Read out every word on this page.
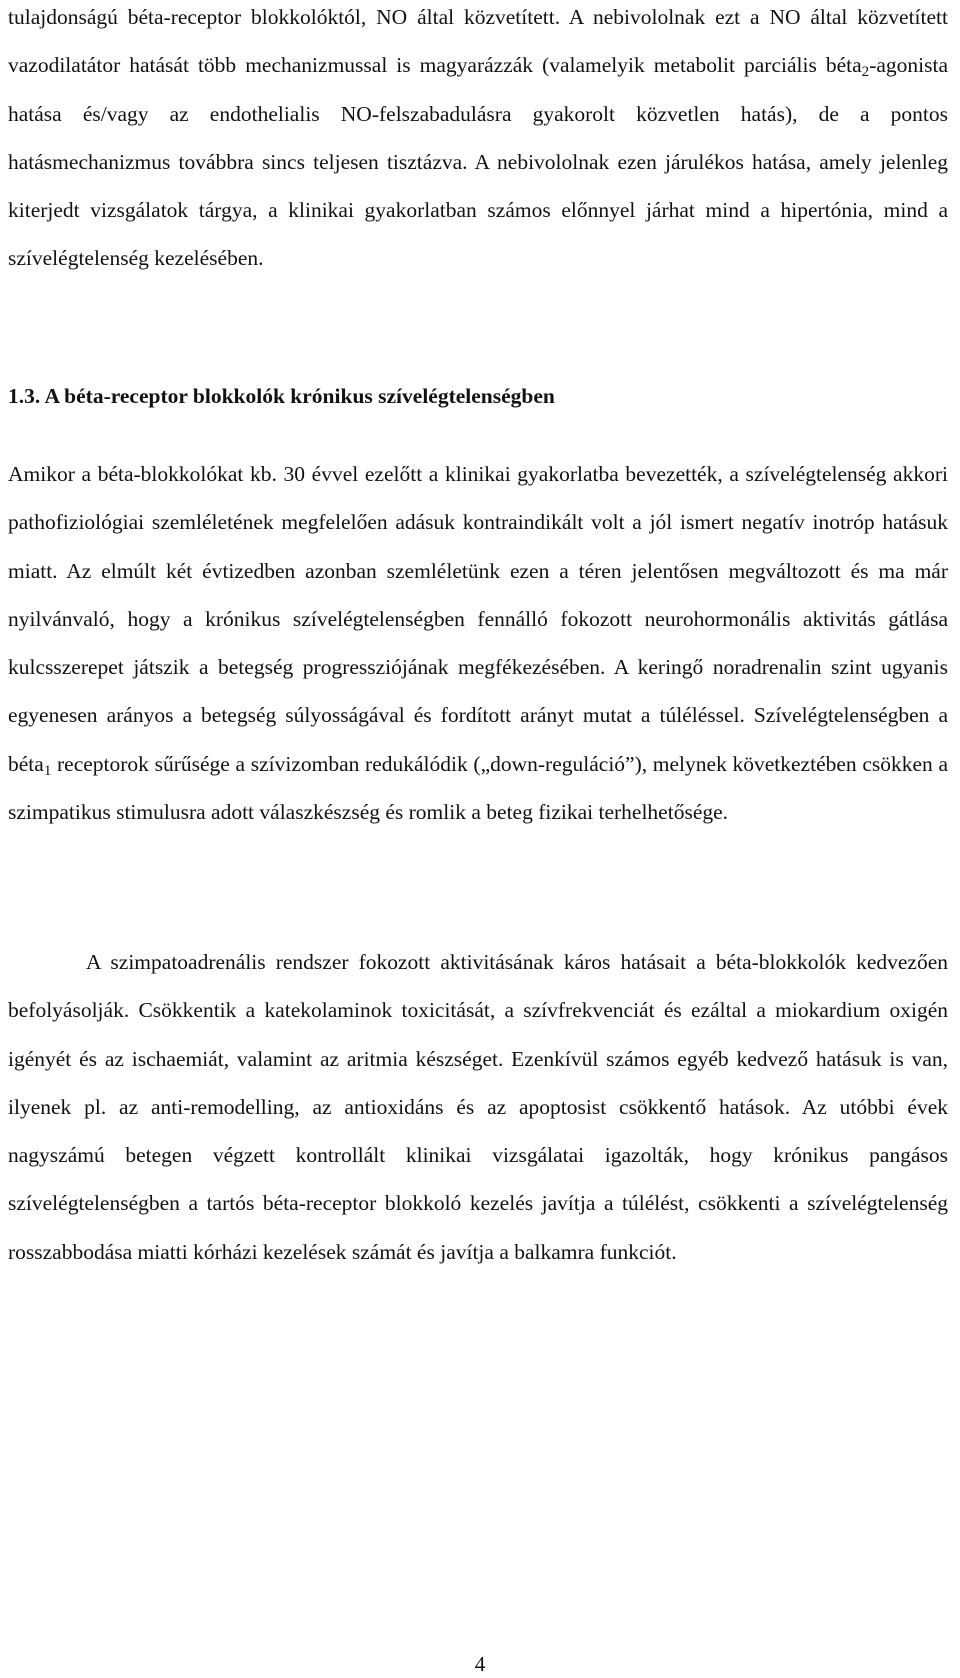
tulajdonságú béta-receptor blokkolóktól, NO által közvetített. A nebivololnak ezt a NO által közvetített vazodilatátor hatását több mechanizmussal is magyarázzák (valamelyik metabolit parciális béta$_2$-agonista hatása és/vagy az endothelialis NO-felszabadulásra gyakorolt közvetlen hatás), de a pontos hatásmechanizmus továbbra sincs teljesen tisztázva. A nebivololnak ezen járulékos hatása, amely jelenleg kiterjedt vizsgálatok tárgya, a klinikai gyakorlatban számos előnnyel járhat mind a hipertónia, mind a szívelégtelenség kezelésében.

1.3. A béta-receptor blokkolók krónikus szívelégtelenségben

Amikor a béta-blokkolókat kb. 30 évvel ezelőtt a klinikai gyakorlatba bevezették, a szívelégtelenség akkori pathofiziológiai szemléletének megfelelően adásuk kontraindikált volt a jól ismert negatív inotróp hatásuk miatt. Az elmúlt két évtizedben azonban szemléletünk ezen a téren jelentősen megváltozott és ma már nyilvánvaló, hogy a krónikus szívelégtelenségben fennálló fokozott neurohormonális aktivitás gátlása kulcsszerepet játszik a betegség progressziójának megfékezésében. A keringő noradrenalin szint ugyanis egyenesen arányos a betegség súlyosságával és fordított arányt mutat a túléléssel. Szívelégtelenségben a béta$_1$ receptorok sűrűsége a szívizomban redukálódik („down-reguláció”), melynek következtében csökken a szimpatikus stimulusra adott válaszkészség és romlik a beteg fizikai terhelhetősége.

A szimpatoadrenális rendszer fokozott aktivitásának káros hatásait a béta-blokkolók kedvezően befolyásolják. Csökkentik a katekolaminok toxicitását, a szívfrekvenciát és ezáltal a miokardium oxigén igényét és az ischaemiát, valamint az aritmia készséget. Ezenkívül számos egyéb kedvező hatásuk is van, ilyenek pl. az anti-remodelling, az antioxidáns és az apoptosist csökkentő hatások. Az utóbbi évek nagyszámú betegen végzett kontrollált klinikai vizsgálatai igazolták, hogy krónikus pangásos szívelégtelenségben a tartós béta-receptor blokkoló kezelés javítja a túlélést, csökkenti a szívelégtelenség rosszabbodása miatti kórházi kezelések számát és javítja a balkamra funkciót.

4
